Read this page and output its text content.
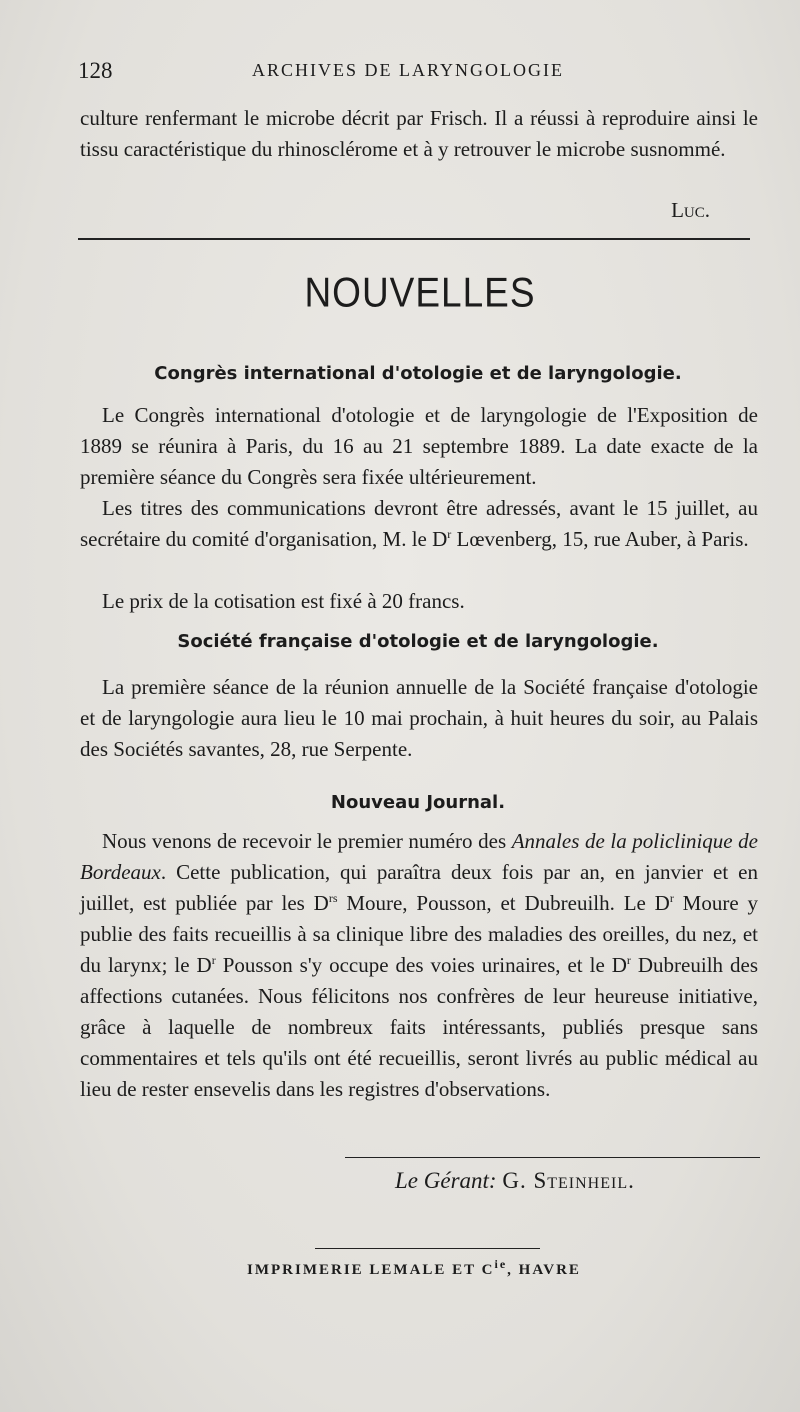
128	ARCHIVES DE LARYNGOLOGIE

culture renfermant le microbe décrit par Frisch. Il a réussi à reproduire ainsi le tissu caractéristique du rhinosclérome et à y retrouver le microbe susnommé.

Luc.
NOUVELLES
Congrès international d'otologie et de laryngologie.

Le Congrès international d'otologie et de laryngologie de l'Exposition de 1889 se réunira à Paris, du 16 au 21 septembre 1889. La date exacte de la première séance du Congrès sera fixée ultérieurement.

Les titres des communications devront être adressés, avant le 15 juillet, au secrétaire du comité d'organisation, M. le $D^r$ Lœvenberg, 15, rue Auber, à Paris.

Le prix de la cotisation est fixé à 20 francs.

Société française d'otologie et de laryngologie.

La première séance de la réunion annuelle de la Société française d'otologie et de laryngologie aura lieu le 10 mai prochain, à huit heures du soir, au Palais des Sociétés savantes, 28, rue Serpente.

Nouveau Journal.

Nous venons de recevoir le premier numéro des Annales de la policlinique de Bordeaux. Cette publication, qui paraîtra deux fois par an, en janvier et en juillet, est publiée par les $D^{rs}$ Moure, Pousson, et Dubreuilh. Le $D^r$ Moure y publie des faits recueillis à sa clinique libre des maladies des oreilles, du nez, et du larynx; le $D^r$ Pousson s'y occupe des voies urinaires, et le $D^r$ Dubreuilh des affections cutanées. Nous félicitons nos confrères de leur heureuse initiative, grâce à laquelle de nombreux faits intéressants, publiés presque sans commentaires et tels qu'ils ont été recueillis, seront livrés au public médical au lieu de rester ensevelis dans les registres d'observations.

Le Gérant: G. Steinheil.
IMPRIMERIE LEMALE ET $C^{ie}$, HAVRE
